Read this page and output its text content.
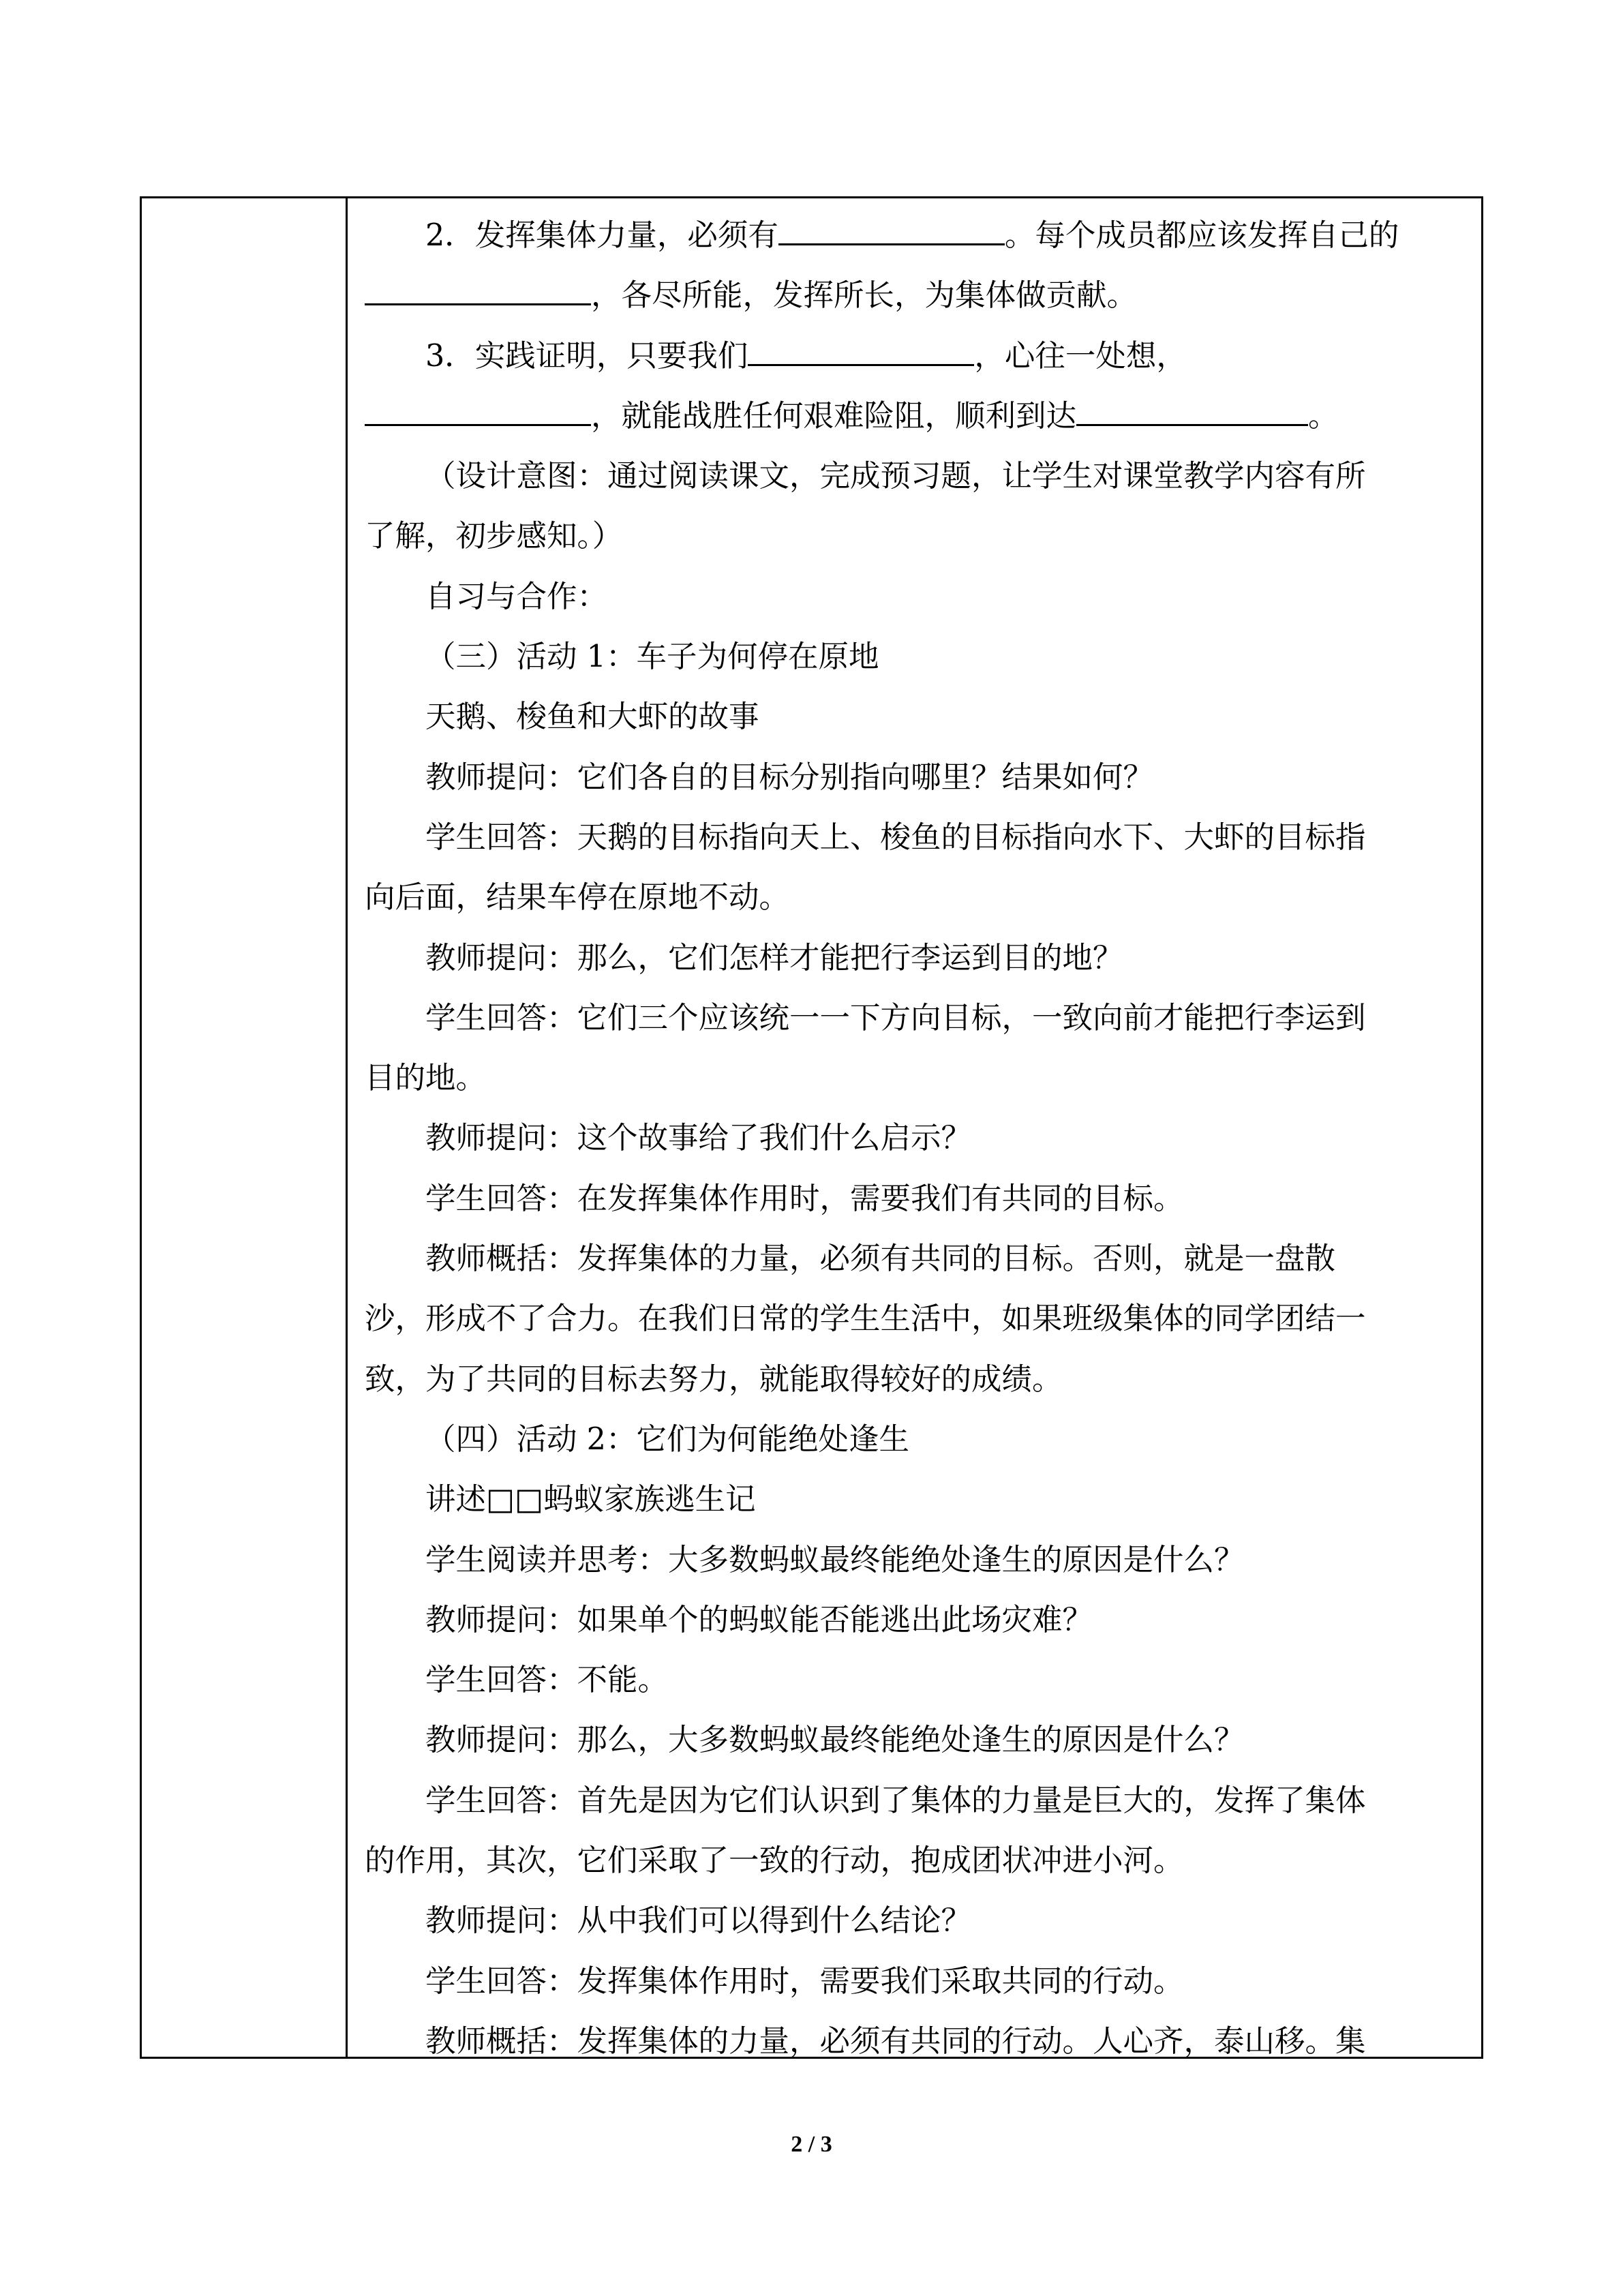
2．发挥集体力量，必须有	。每个成员都应该发挥自己的
，各尽所能，发挥所长，为集体做贡献。
3．实践证明，只要我们	，心往一处想，
，就能战胜任何艰难险阻，顺利到达	。
（设计意图：通过阅读课文，完成预习题，让学生对课堂教学内容有所
了解，初步感知。）
自习与合作：
（三）活动 1：车子为何停在原地
天鹅、梭鱼和大虾的故事
教师提问：它们各自的目标分别指向哪里？结果如何？
学生回答：天鹅的目标指向天上、梭鱼的目标指向水下、大虾的目标指
向后面，结果车停在原地不动。
教师提问：那么，它们怎样才能把行李运到目的地？
学生回答：它们三个应该统一一下方向目标，一致向前才能把行李运到
目的地。
教师提问：这个故事给了我们什么启示？
学生回答：在发挥集体作用时，需要我们有共同的目标。
教师概括：发挥集体的力量，必须有共同的目标。否则，就是一盘散
沙，形成不了合力。在我们日常的学生生活中，如果班级集体的同学团结一
致，为了共同的目标去努力，就能取得较好的成绩。
（四）活动 2：它们为何能绝处逢生
讲述□□蚂蚁家族逃生记
学生阅读并思考：大多数蚂蚁最终能绝处逢生的原因是什么？
教师提问：如果单个的蚂蚁能否能逃出此场灾难？
学生回答：不能。
教师提问：那么，大多数蚂蚁最终能绝处逢生的原因是什么？
学生回答：首先是因为它们认识到了集体的力量是巨大的，发挥了集体
的作用，其次，它们采取了一致的行动，抱成团状冲进小河。
教师提问：从中我们可以得到什么结论？
学生回答：发挥集体作用时，需要我们采取共同的行动。
教师概括：发挥集体的力量，必须有共同的行动。人心齐，泰山移。集
2 / 3
